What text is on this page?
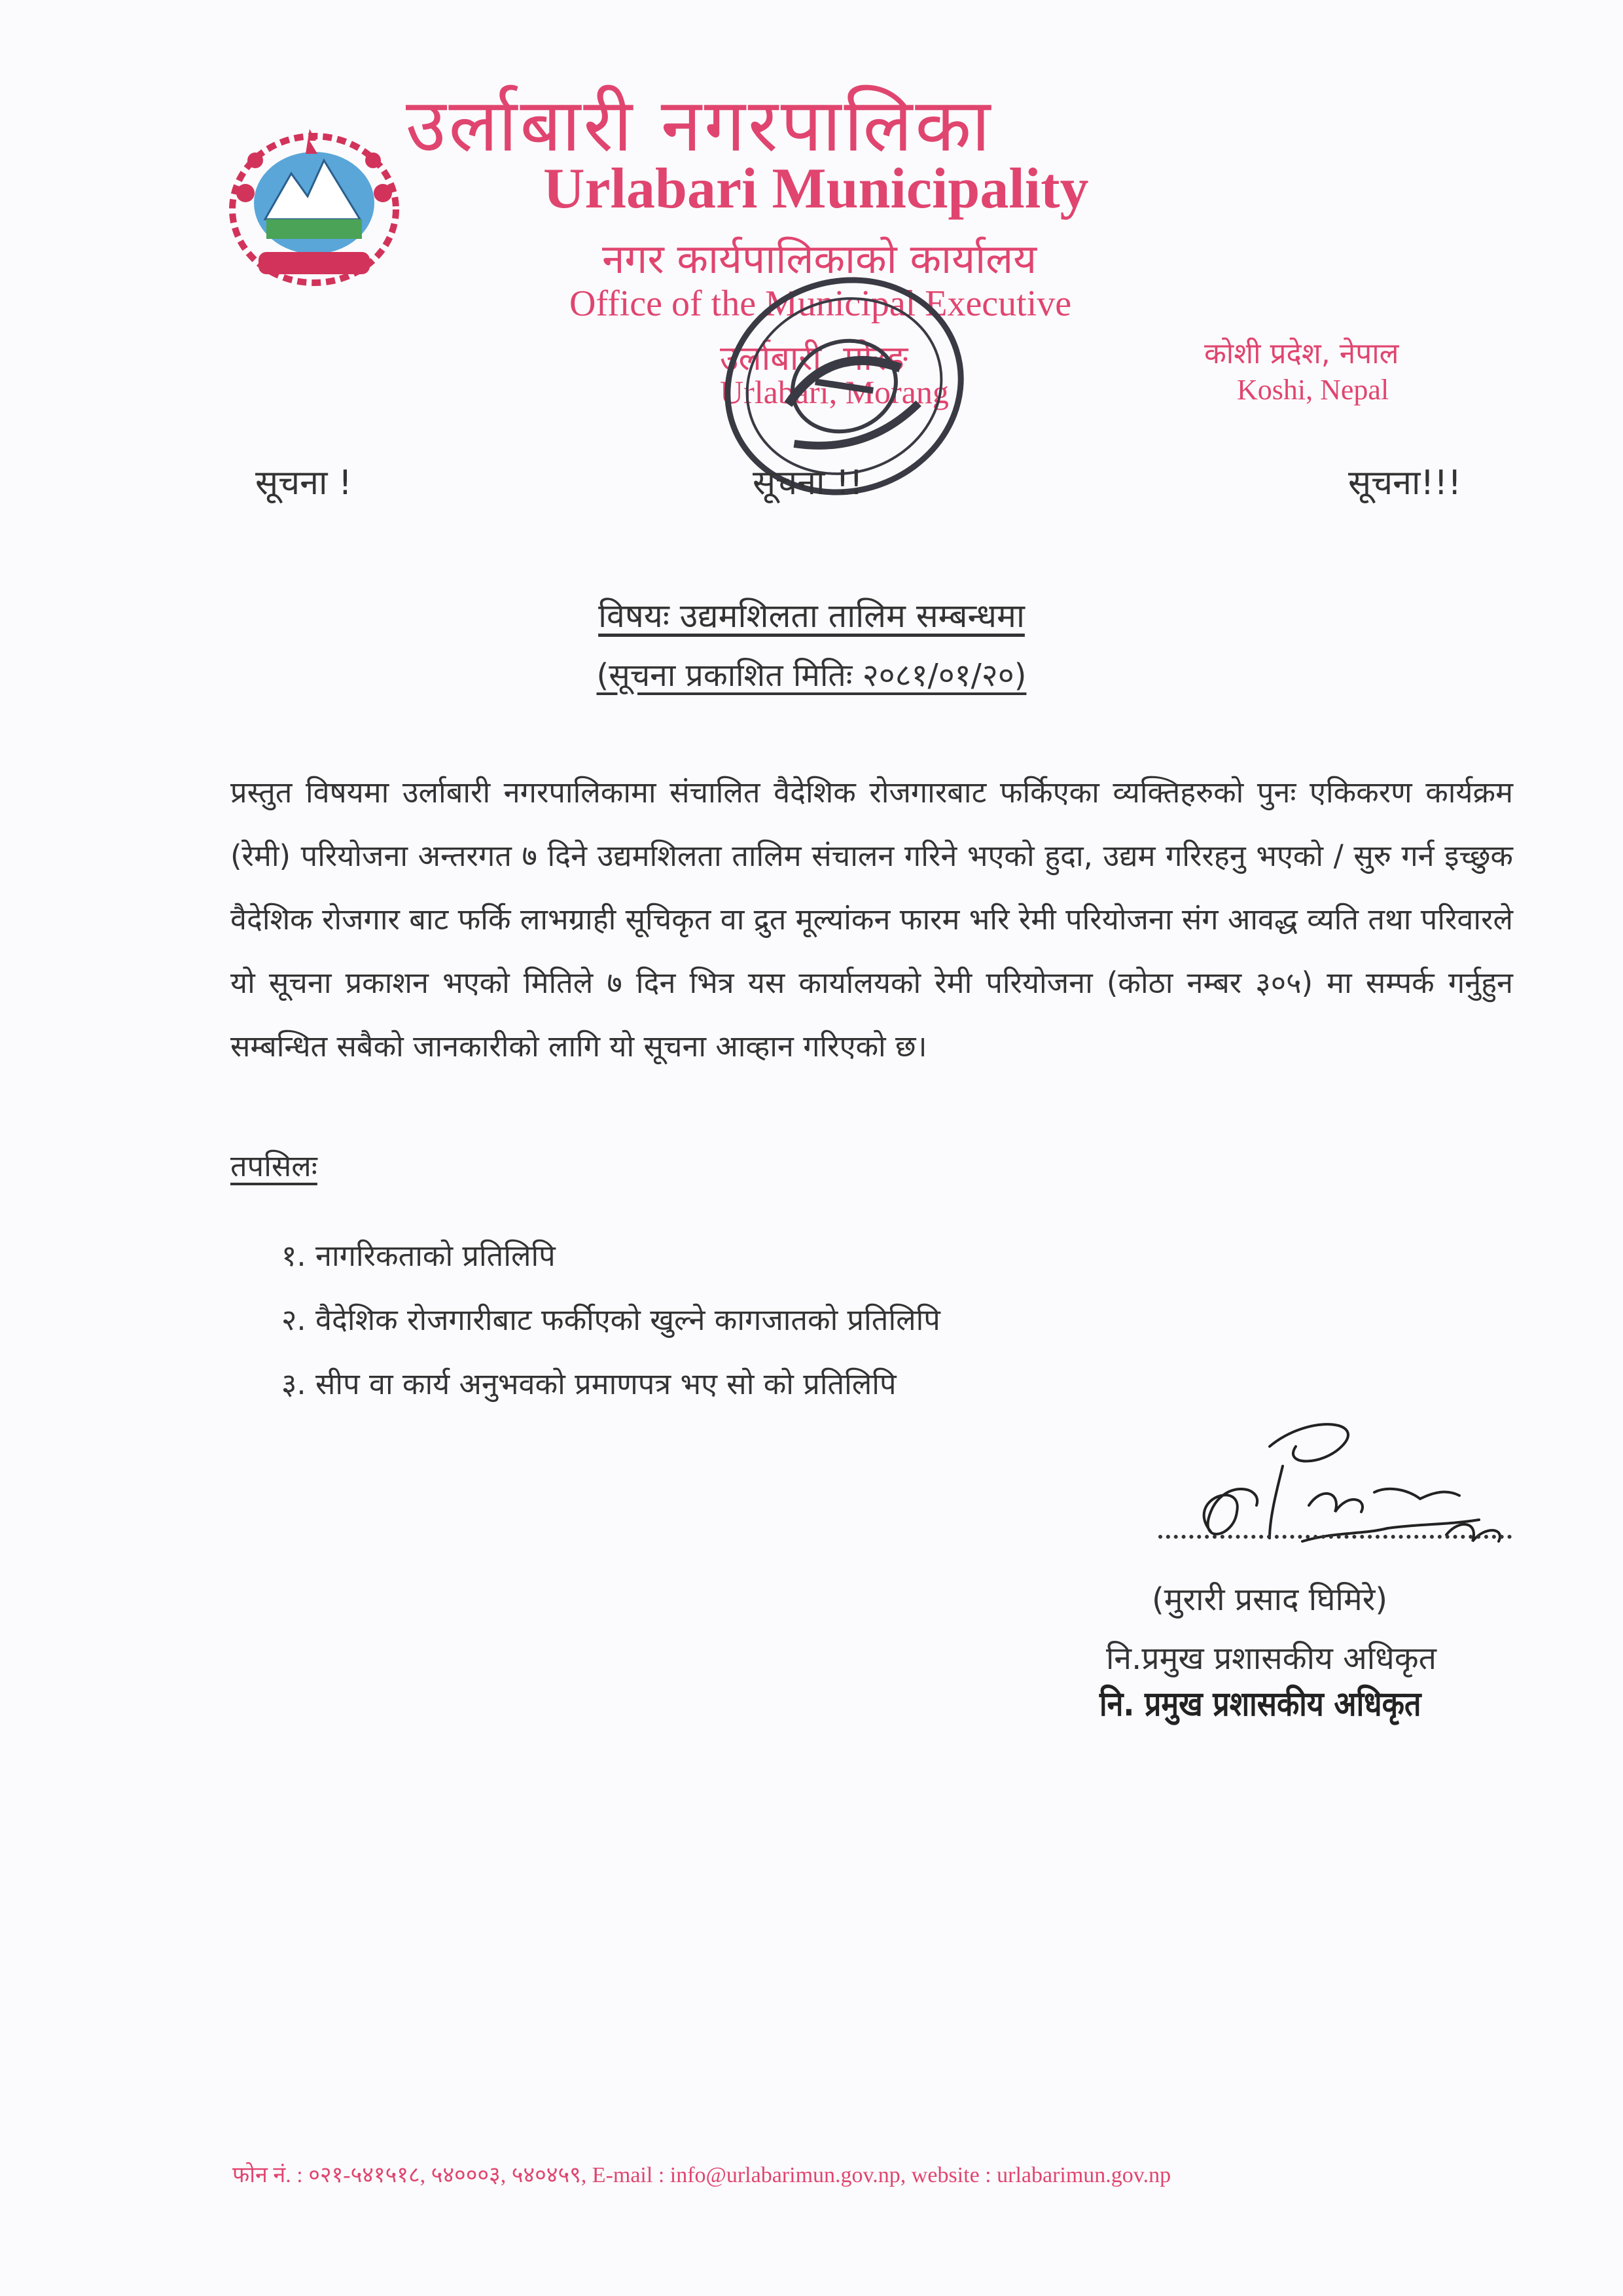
उर्लाबारी नगरपालिका
Urlabari Municipality
नगर कार्यपालिकाको कार्यालय
Office of the Municipal Executive
उर्लाबारी, मोरङ
Urlabari, Morang
कोशी प्रदेश, नेपाल
Koshi, Nepal
सूचना !	सूचना !!	सूचना!!!
विषयः उद्यमशिलता तालिम सम्बन्धमा
(सूचना प्रकाशित मितिः २०८१/०१/२०)
प्रस्तुत विषयमा उर्लाबारी नगरपालिकामा संचालित वैदेशिक रोजगारबाट फर्किएका व्यक्तिहरुको पुनः एकिकरण कार्यक्रम (रेमी) परियोजना अन्तरगत ७ दिने उद्यमशिलता तालिम संचालन गरिने भएको हुदा, उद्यम गरिरहनु भएको / सुरु गर्न इच्छुक वैदेशिक रोजगार बाट फर्कि लाभग्राही सूचिकृत वा द्रुत मूल्यांकन फारम भरि रेमी परियोजना संग आवद्ध व्यति तथा परिवारले यो सूचना प्रकाशन भएको मितिले ७ दिन भित्र यस कार्यालयको रेमी परियोजना (कोठा नम्बर ३०५) मा सम्पर्क गर्नुहुन सम्बन्धित सबैको जानकारीको लागि यो सूचना आव्हान गरिएको छ।
तपसिलः
१. नागरिकताको प्रतिलिपि
२. वैदेशिक रोजगारीबाट फर्कीएको खुल्ने कागजातको प्रतिलिपि
३. सीप वा कार्य अनुभवको प्रमाणपत्र भए सो को प्रतिलिपि
(मुरारी प्रसाद घिमिरे)
नि.प्रमुख प्रशासकीय अधिकृत
नि. प्रमुख प्रशासकीय अधिकृत
फोन नं. : ०२१-५४१५१८, ५४०००३, ५४०४५९, E-mail : info@urlabarimun.gov.np, website : urlabarimun.gov.np
